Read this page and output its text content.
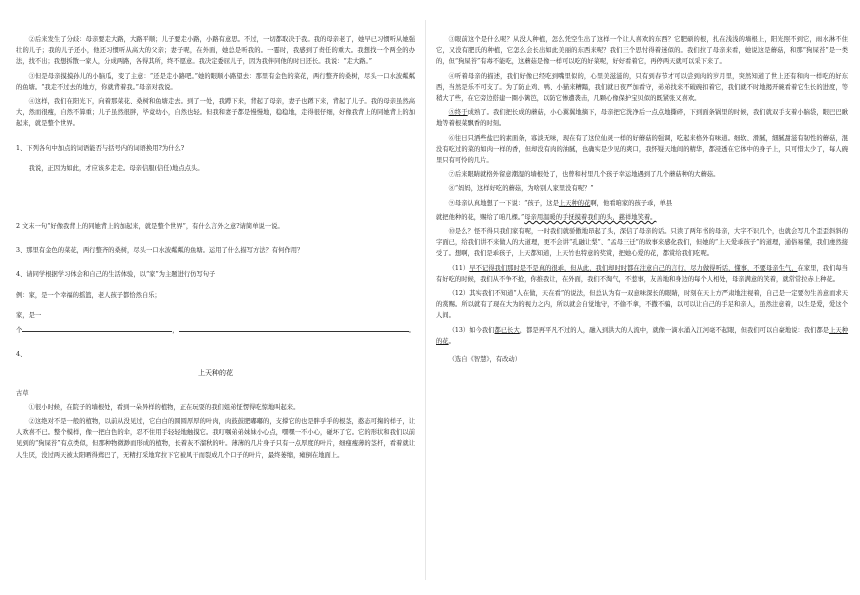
②后来发生了分歧：母亲要走大路，大路平顺；儿子要走小路，小路有意思。不过，一切都取决于我。我的母亲老了，她早已习惯听从她强壮的儿子；我的儿子还小，他还习惯听从高大的父亲；妻子呢，在外面，她总是听我的。一霎时，我感到了责任的重大。我想找一个两全的办法，找不出；我想拆散一家人，分成两路，各得其所，终不愿意。我决定委屈儿子，因为我伴同他的时日还长。我说：“走大路。”

③但是母亲摸摸孙儿的小脑瓜，变了主意：“还是走小路吧。”她的眼顺小路望去：那里有金色的菜花，两行整齐的桑树，尽头一口水波粼粼的鱼塘。“我走不过去的地方，你就背着我。”母亲对我说。

④这样，我们在阳光下，向着那菜花、桑树和鱼塘走去。到了一处，我蹲下来，背起了母亲，妻子也蹲下来，背起了儿子。我的母亲虽然高大，然而很瘦，自然不算重；儿子虽然很胖，毕竟幼小，自然也轻。但我和妻子都是慢慢地，稳稳地，走得很仔细，好像我背上的同她背上的加起来，就是整个世界。

1、下列各句中加点的词语能否与括号内的词语换用?为什么?

我说，正因为如此，才应该多走走。母亲信服(信任)地点点头。

2 文末一句“好像我背上的同她背上的加起来，就是整个世界”，有什么言外之意?请简单说一说。

3、那里有金色的菜花，两行整齐的桑树，尽头一口水波粼粼的鱼塘。运用了什么描写方法？有何作用？

4、请同学根据学习体会和自己的生活体验，以“家”为主题进行仿写句子

例：家，是一个幸福的摇篮，老人孩子都恰然自乐；

家，是一

个	，	。

4、

上天种的花

古草

①很小时候，在院子的墙根处，看到一朵异样的植物，正在玩耍的我们姐弟怔愣得吃惊地叫起来。

②这绝对不是一般的植物，以前从没见过，它白白的圆圆厚厚的叶肉，肉鼓鼓肥嘟嘟的，支撑它的也是胖乎乎的根茎，憨态可掬的样子，让人欢喜不已。整个模样，像一把白色的伞，忍不住用手轻轻地触摸它。我叮嘱弟弟妹妹小心点，嘿嘿一不小心，碰坏了它。它的形状和我们以前见到的“狗屎苔”有点类似，但那种物微渺而形成的植物，长着灰不溜秋的叶。薄薄的几片身子只有一点厚度的叶片，细痩瘦薄的茎杆，看着就让人生厌，没过两天被太阳晒得蔫巴了，无精打采地耷拉下它被风干而裂成几个口子的叶片，最终萎缩，瘫倒在地面上。

③眼前这个是什么呢？从没人种植，怎么凭空生出了这样一个让人喜欢的东西？它肥硕的根，扎在浅浅的墙根上，阳光照不到它，雨水淋不住它，又没有肥氏的种植，它怎么会长出如此美丽的东西来呢？我们三个思忖得着迷似的。我们拉了母亲来看，她说这是蘑菇，和那“狗屎苔”是一类的，但“狗屎苔”有毒不能吃，这蘑菇是像一样可以吃的好菜呢，好好看着它，再停两天就可以采下来了。

④听着母亲的描述，我们好像已经吃到嘴里似的，心里美滋滋的，只有到春节才可以尝到肉的岁月里，突然知道了世上还有和肉一样吃的好东西，当然是乐不可支了。为了防止鸡、鸭、小猫来糟蹋，我们就日夜严加看守，弟弟找来不破碗扣着它，我们就不时地揭开碗看着它生长的进度，等稍大了些，在它旁边搭建一圈小篱笆，以防它惨遭袭击，几颗心像保护宝贝似的既紧张又喜欢。

⑤终于成熟了。我们把长成的蘑菇，小心翼翼地摘下，母亲把它洗净后一点点地撕碎，下到面条锅里的时候，我们就双手支着小脑袋，眼巴巴瞅地等着根菜飘香的时刻。

⑥往日只洒些盐巴的素面条，寡淡无味，现在有了这位仙灵一样的好蘑菇的强调，吃起来格外有味道。细软、滑腻，細腻甜滋有韧性的蘑菇，混没有吃过的菜的如肉一样的香，但却没有肉的油腻，也确实是少见的爽口，我怀疑天地间的精华，都浸透在它体中的身子上，只可惜太少了，每人碗里只有可怜的几片。

⑦后来眼睛就格外留意潮湿的墙根处了，也曾和村里几个孩子幸运地遇到了几个蘑菇种的大蘑菇。

⑧“妈妈，这样好吃的蘑菇，为啥别人家里没有呢？”

⑨母亲认真地想了一下说：“孩子，这是上天种的花啊，他看咱家的孩子乖，单县

就把他种的花，赐给了咱几棵。”母亲用温暖的手抚摸着我们的头，慈祥地笑着。

⑩是么？怪不得只我们家有呢，一时我们就骄傲地昂起了头，深信了母亲的话。只读了两年书的母亲，大字不识几个，也就会写几个歪歪斜斜的字面已，给我们讲不来做人的大道理，更不会讲“孔融让梨”、“孟母三迁”的故事来感化我们，但她的“上天爱乖孩子”的道理，通俗易懂，我们虔然接受了。想啊，我们是乖孩子，上天都知道，上天竹也特意的奖赏，把她心爱的花，都赏给我们吃呢。

（11）早不记得我们那时是不是真的很乖，但从此，我们却时时都在注意自己的言行，尽力做得听话，懂事，不要母亲生气，在家里，我们每当有好吃的时候，我们从不争不抢，你推我让，在外面，我们不淘气，不惹事，友善地和身边的每个人相处，母亲满意的笑着，就常常拉赤上种花。

（12）其实我们不知道“人在做，天在看”的说法，但总认为有一双意味深长的眼睛，时刻在天上方严肃地注视着，自己是一定要勿生善意而求天的赏赐。所以就有了现在大为的视力之内，所以就会自觉地守，不偷不拿，不撒不骗，以可以让自己的手足和亲人，虽然注意着，以生是爱，爱这个人间。

（13）如今我们都已长大，都是再平凡不过的人，融入到洪大的人流中，就像一滴水涌入江河毫不起眼，但我们可以自豪地说：我们都是上天种的花。

（选自《智慧》，有改动）
